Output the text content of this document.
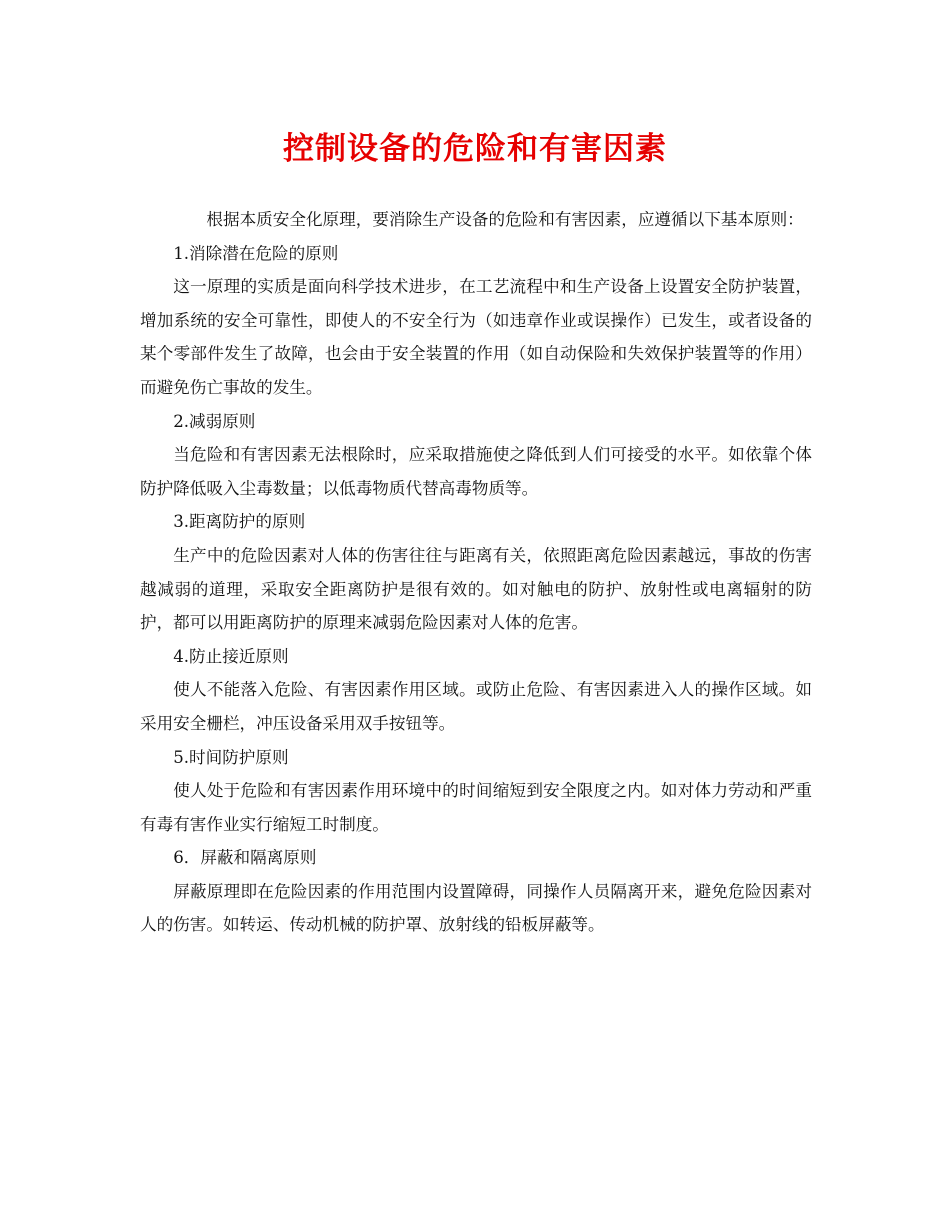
控制设备的危险和有害因素

根据本质安全化原理，要消除生产设备的危险和有害因素，应遵循以下基本原则：

1.消除潜在危险的原则

这一原理的实质是面向科学技术进步，在工艺流程中和生产设备上设置安全防护装置，增加系统的安全可靠性，即使人的不安全行为（如违章作业或误操作）已发生，或者设备的某个零部件发生了故障，也会由于安全装置的作用（如自动保险和失效保护装置等的作用）而避免伤亡事故的发生。

2.减弱原则

当危险和有害因素无法根除时，应采取措施使之降低到人们可接受的水平。如依靠个体防护降低吸入尘毒数量；以低毒物质代替高毒物质等。

3.距离防护的原则

生产中的危险因素对人体的伤害往往与距离有关，依照距离危险因素越远，事故的伤害越减弱的道理，采取安全距离防护是很有效的。如对触电的防护、放射性或电离辐射的防护，都可以用距离防护的原理来减弱危险因素对人体的危害。

4.防止接近原则

使人不能落入危险、有害因素作用区域。或防止危险、有害因素进入人的操作区域。如采用安全栅栏，冲压设备采用双手按钮等。

5.时间防护原则

使人处于危险和有害因素作用环境中的时间缩短到安全限度之内。如对体力劳动和严重有毒有害作业实行缩短工时制度。

6．屏蔽和隔离原则

屏蔽原理即在危险因素的作用范围内设置障碍，同操作人员隔离开来，避免危险因素对人的伤害。如转运、传动机械的防护罩、放射线的铅板屏蔽等。
